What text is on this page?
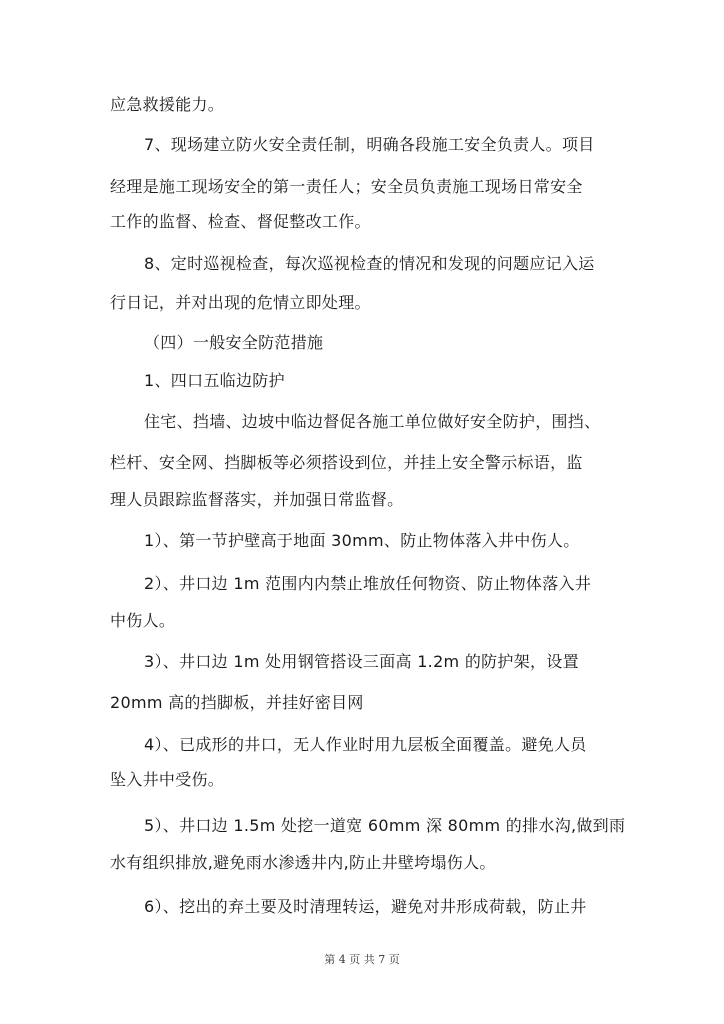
应急救援能力。
7、现场建立防火安全责任制，明确各段施工安全负责人。项目
经理是施工现场安全的第一责任人；安全员负责施工现场日常安全
工作的监督、检查、督促整改工作。
8、定时巡视检查，每次巡视检查的情况和发现的问题应记入运
行日记，并对出现的危情立即处理。
（四）一般安全防范措施
1、四口五临边防护
住宅、挡墙、边坡中临边督促各施工单位做好安全防护，围挡、
栏杆、安全网、挡脚板等必须搭设到位，并挂上安全警示标语，监
理人员跟踪监督落实，并加强日常监督。
1）、第一节护壁高于地面 30mm、防止物体落入井中伤人。
2）、井口边 1m 范围内内禁止堆放任何物资、防止物体落入井
中伤人。
3）、井口边 1m 处用钢管搭设三面高 1.2m 的防护架，设置
20mm 高的挡脚板，并挂好密目网
4）、已成形的井口，无人作业时用九层板全面覆盖。避免人员
坠入井中受伤。
5）、井口边 1.5m 处挖一道宽 60mm 深 80mm 的排水沟,做到雨
水有组织排放,避免雨水渗透井内,防止井壁垮塌伤人。
6）、挖出的弃土要及时清理转运，避免对井形成荷载，防止井
第 4 页 共 7 页
